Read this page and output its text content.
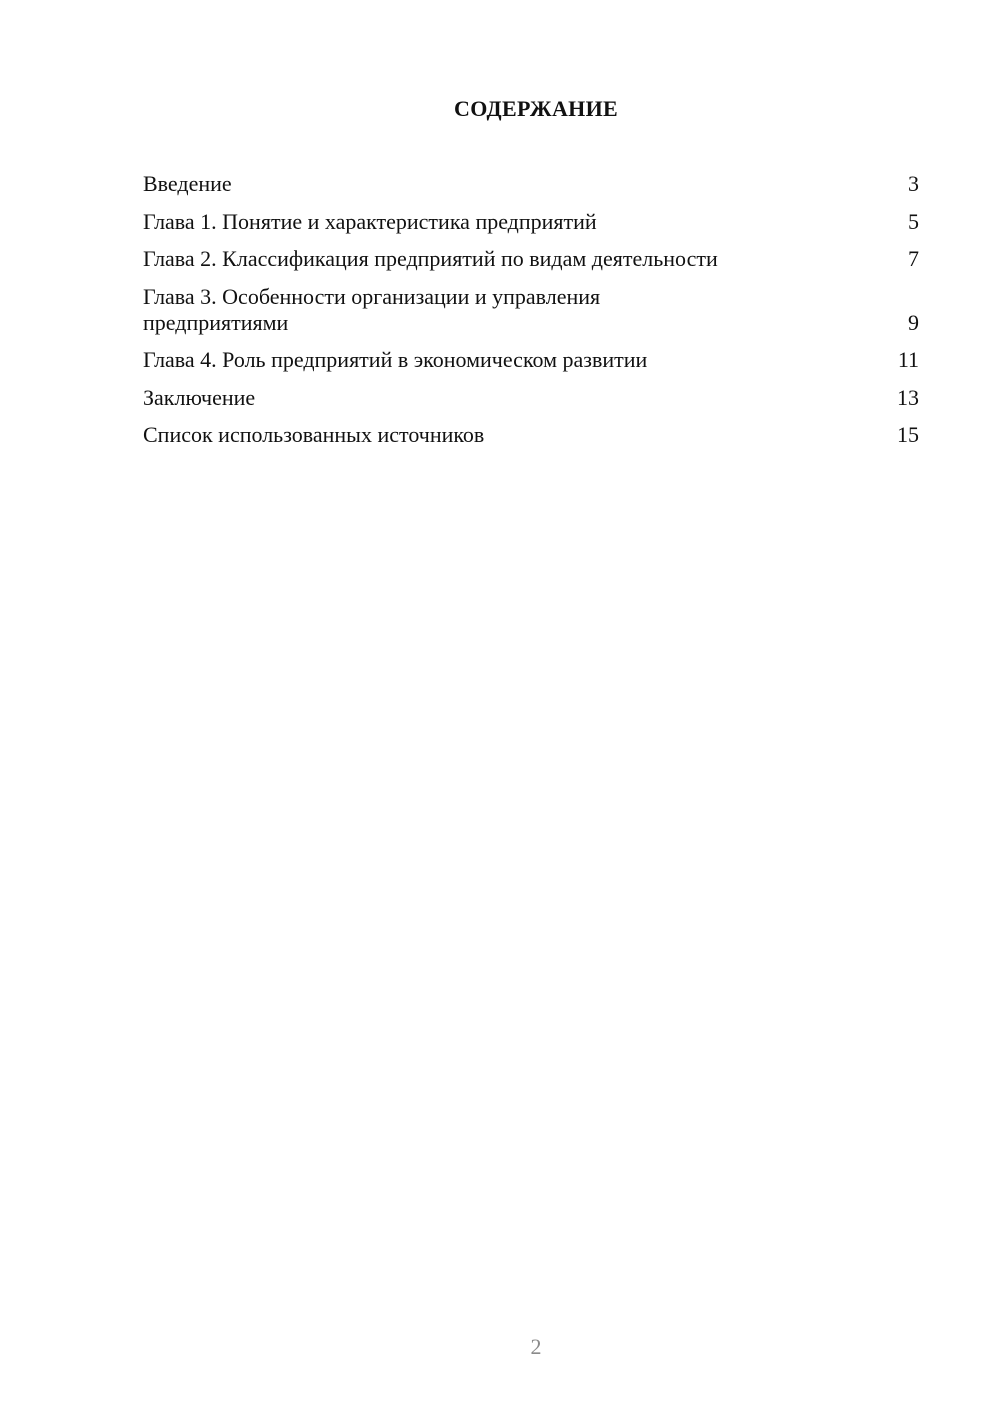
СОДЕРЖАНИЕ
Введение	3
Глава 1. Понятие и характеристика предприятий	5
Глава 2. Классификация предприятий по видам деятельности	7
Глава 3. Особенности организации и управления предприятиями	9
Глава 4. Роль предприятий в экономическом развитии	11
Заключение	13
Список использованных источников	15
2
